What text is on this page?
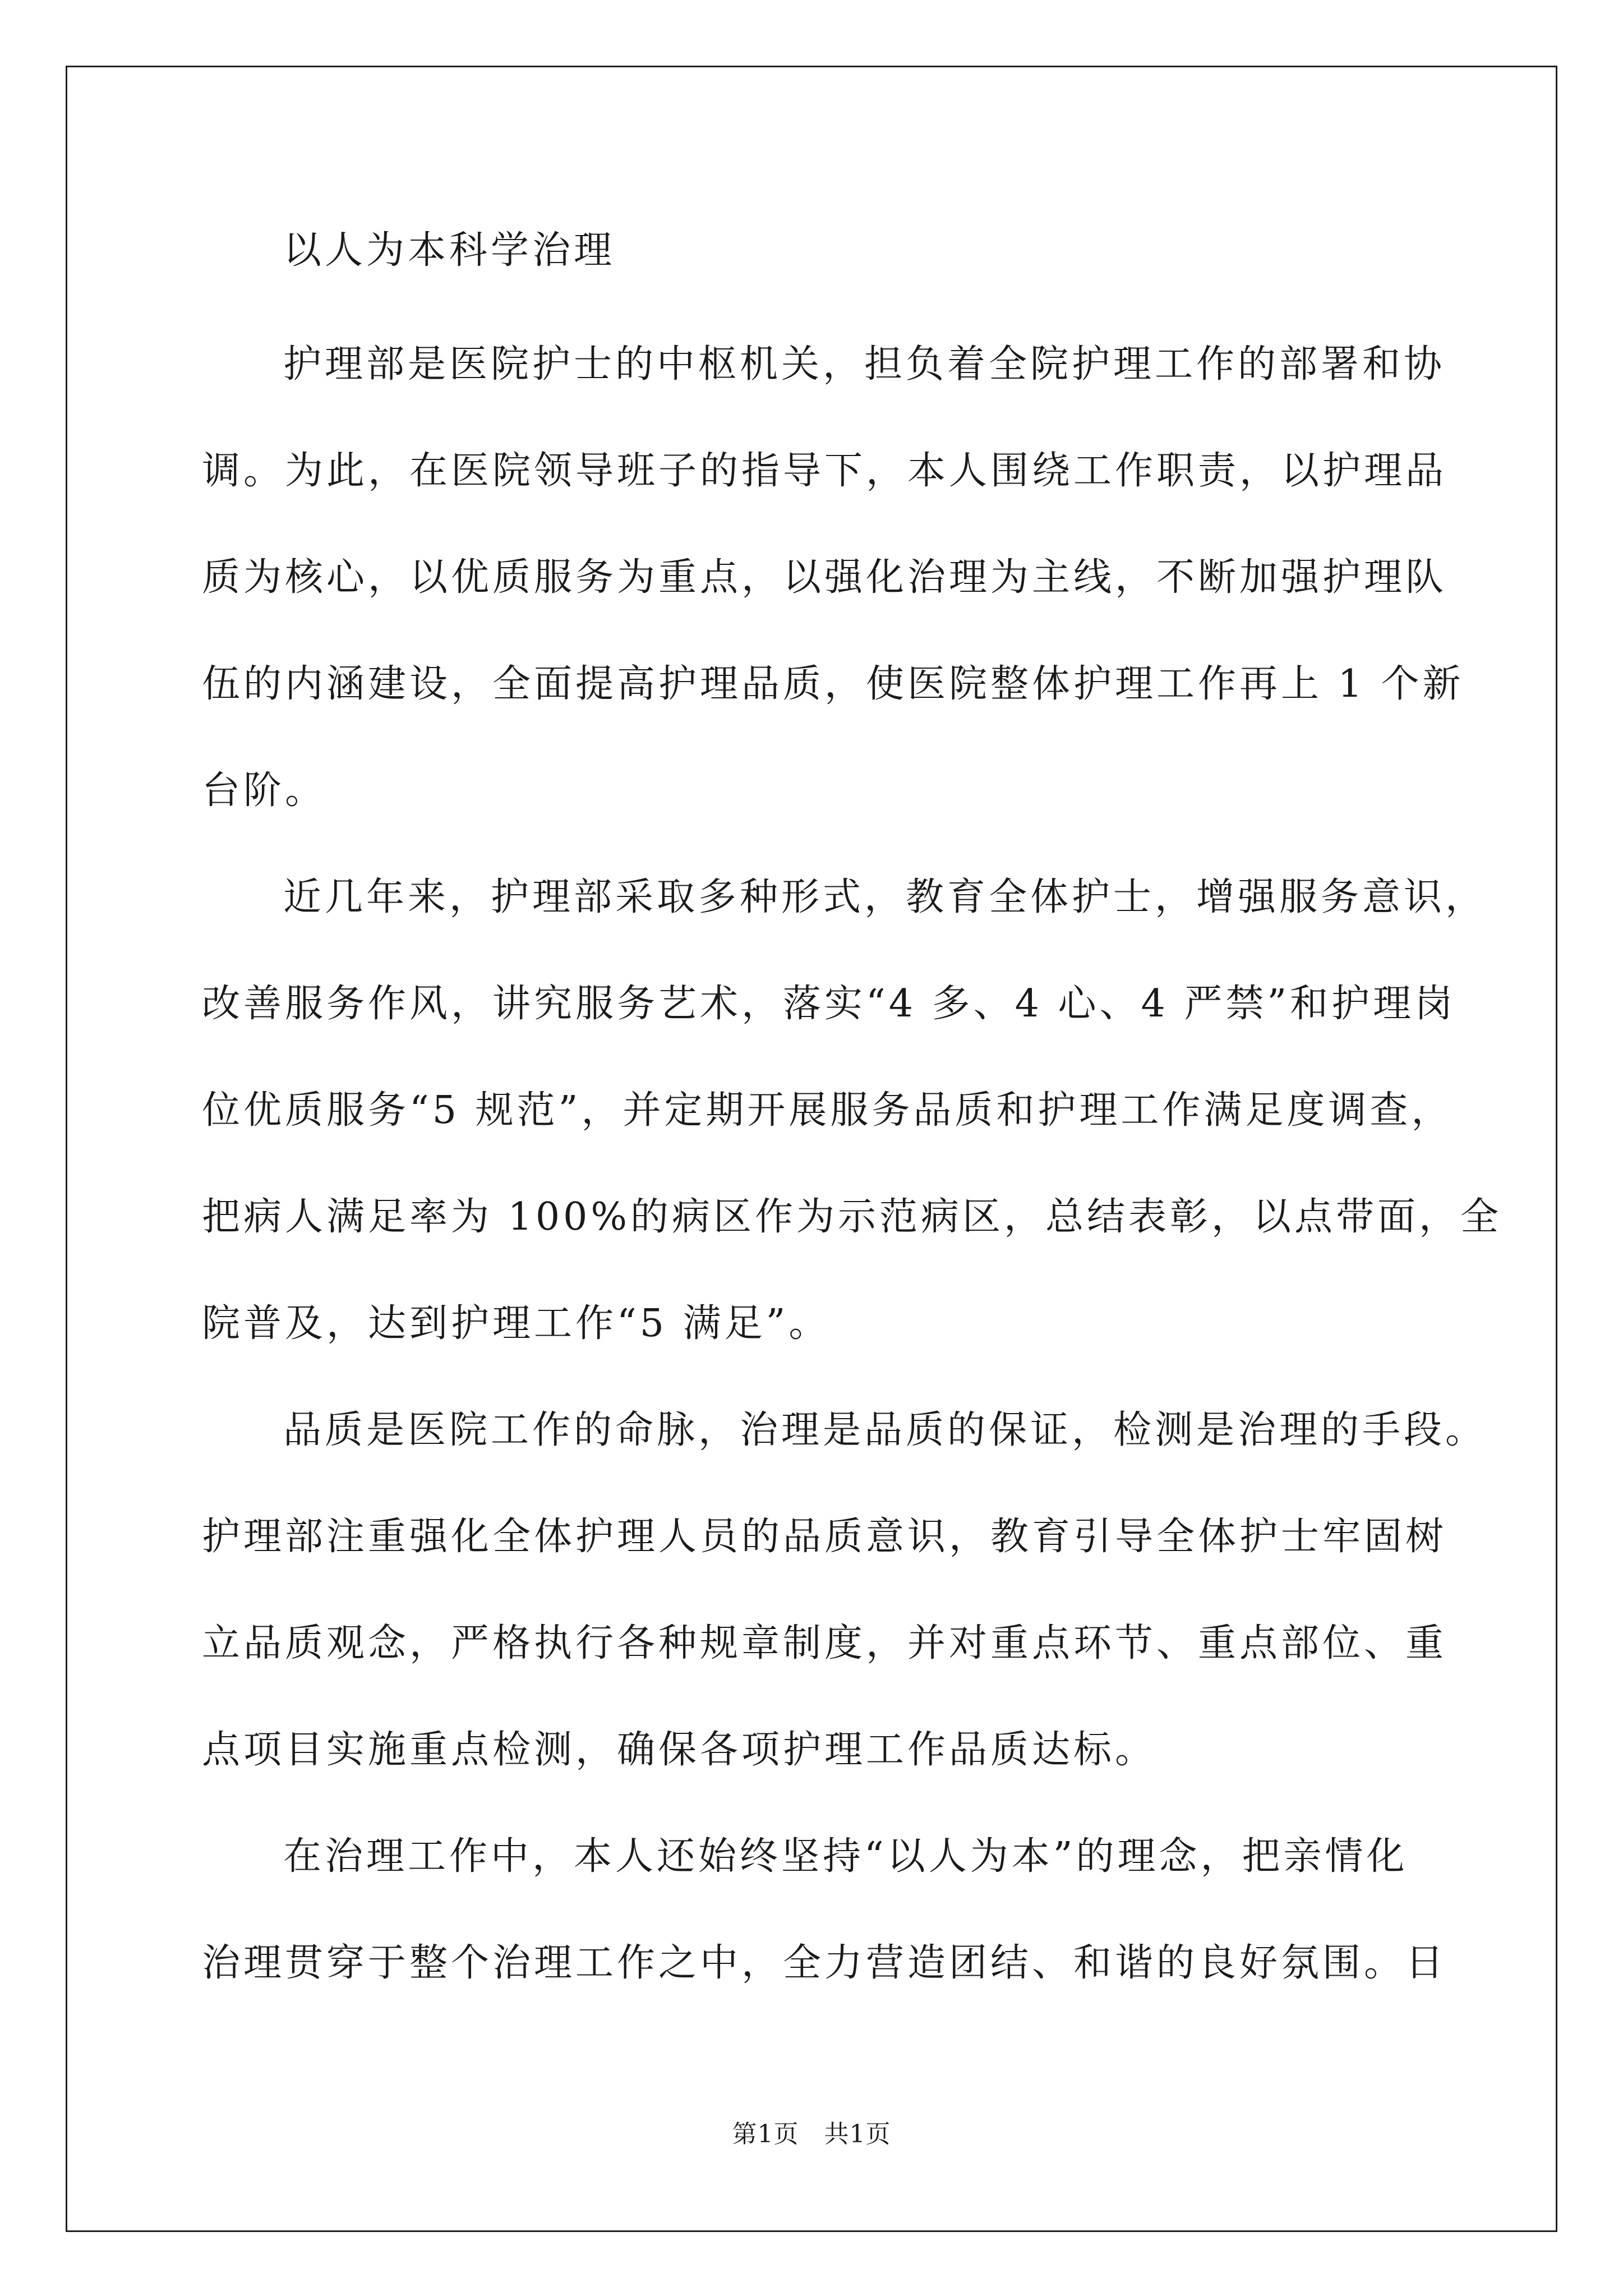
以人为本科学治理
护理部是医院护士的中枢机关，担负着全院护理工作的部署和协
调。为此，在医院领导班子的指导下，本人围绕工作职责，以护理品
质为核心，以优质服务为重点，以强化治理为主线，不断加强护理队
伍的内涵建设，全面提高护理品质，使医院整体护理工作再上 1 个新
台阶。
近几年来，护理部采取多种形式，教育全体护士，增强服务意识，
改善服务作风，讲究服务艺术，落实“4 多、4 心、4 严禁”和护理岗
位优质服务“5 规范”，并定期开展服务品质和护理工作满足度调查，
把病人满足率为 100%的病区作为示范病区，总结表彰，以点带面，全
院普及，达到护理工作“5 满足”。
品质是医院工作的命脉，治理是品质的保证，检测是治理的手段。
护理部注重强化全体护理人员的品质意识，教育引导全体护士牢固树
立品质观念，严格执行各种规章制度，并对重点环节、重点部位、重
点项目实施重点检测，确保各项护理工作品质达标。
在治理工作中，本人还始终坚持“以人为本”的理念，把亲情化
治理贯穿于整个治理工作之中，全力营造团结、和谐的良好氛围。日
第1页   共1页
